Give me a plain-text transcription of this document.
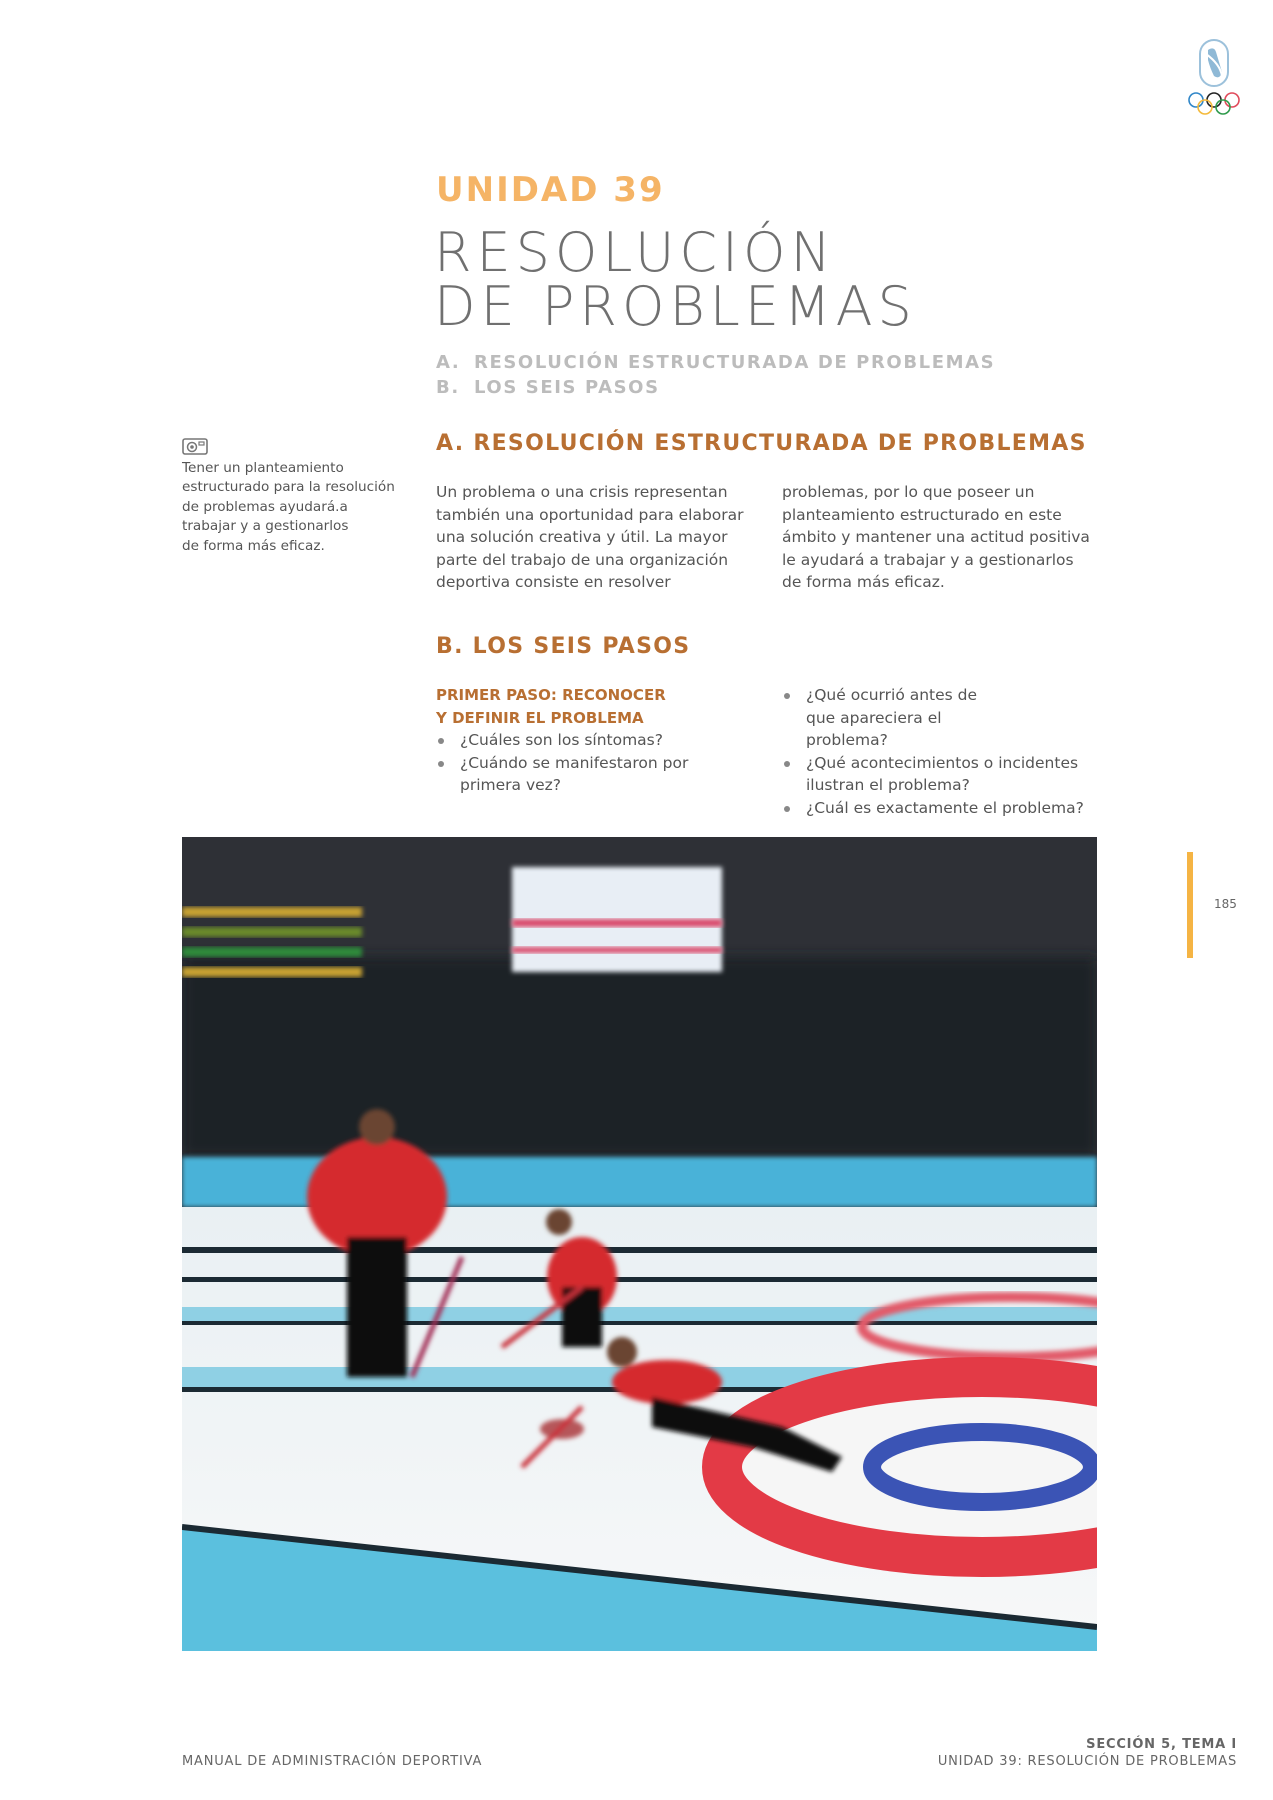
UNIDAD 39
RESOLUCIÓN
DE PROBLEMAS
A. RESOLUCIÓN ESTRUCTURADA DE PROBLEMAS
B. LOS SEIS PASOS
Tener un planteamiento
estructurado para la resolución
de problemas ayudará.a
trabajar y a gestionarlos
de forma más eficaz.
A. RESOLUCIÓN ESTRUCTURADA DE PROBLEMAS
Un problema o una crisis representan
también una oportunidad para elaborar
una solución creativa y útil. La mayor
parte del trabajo de una organización
deportiva consiste en resolver
problemas, por lo que poseer un
planteamiento estructurado en este
ámbito y mantener una actitud positiva
le ayudará a trabajar y a gestionarlos
de forma más eficaz.
B. LOS SEIS PASOS
PRIMER PASO: RECONOCER
Y DEFINIR EL PROBLEMA
¿Cuáles son los síntomas?
¿Cuándo se manifestaron por primera vez?
¿Qué ocurrió antes de que apareciera el problema?
¿Qué acontecimientos o incidentes ilustran el problema?
¿Cuál es exactamente el problema?
185
MANUAL DE ADMINISTRACIÓN DEPORTIVA
SECCIÓN 5, TEMA I
UNIDAD 39: RESOLUCIÓN DE PROBLEMAS
